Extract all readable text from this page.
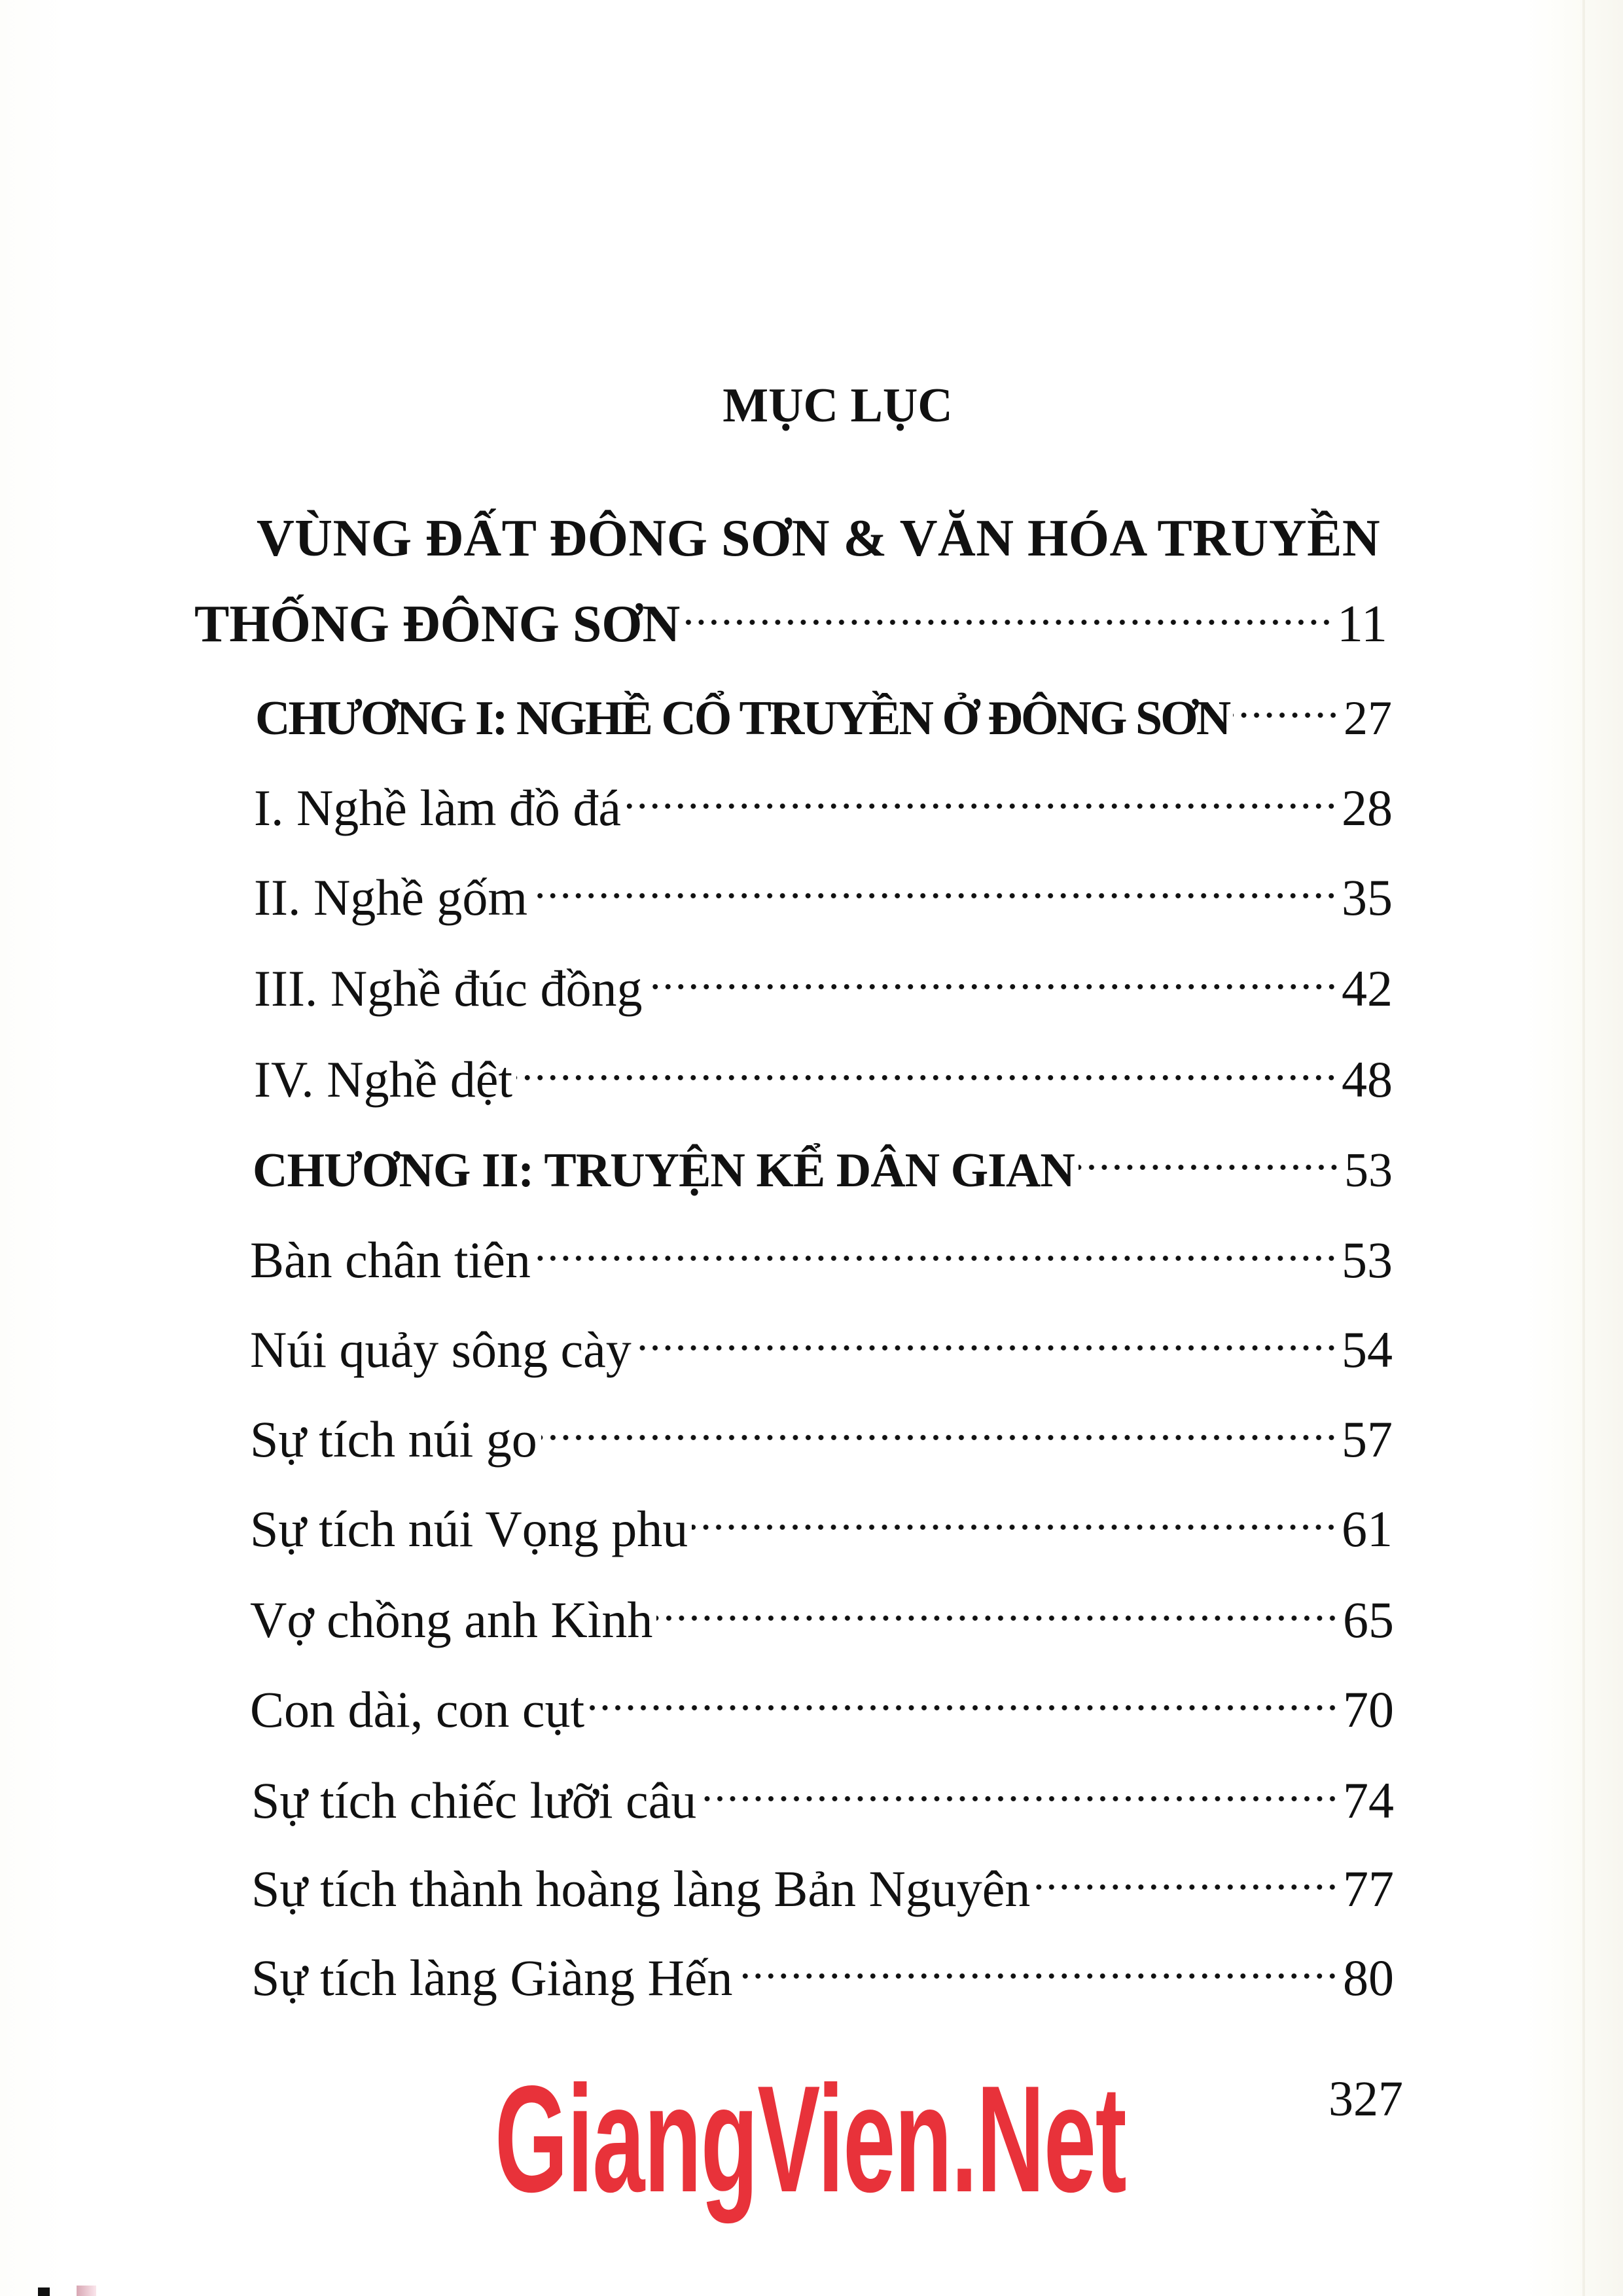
MỤC LỤC
VÙNG ĐẤT ĐÔNG SƠN & VĂN HÓA TRUYỀN
THỐNG ĐÔNG SƠN	11
CHƯƠNG I: NGHỀ CỔ TRUYỀN Ở ĐÔNG SƠN 27
I. Nghề làm đồ đá	28
II. Nghề gốm	35
III. Nghề đúc đồng	42
IV. Nghề dệt	48
CHƯƠNG II: TRUYỆN KỂ DÂN GIAN	53
Bàn chân tiên	53
Núi quảy sông cày	54
Sự tích núi go	57
Sự tích núi Vọng phu	61
Vợ chồng anh Kình	65
Con dài, con cụt	70
Sự tích chiếc lưỡi câu	74
Sự tích thành hoàng làng Bản Nguyên	77
Sự tích làng Giàng Hến	80
GiangVien.Net	327
